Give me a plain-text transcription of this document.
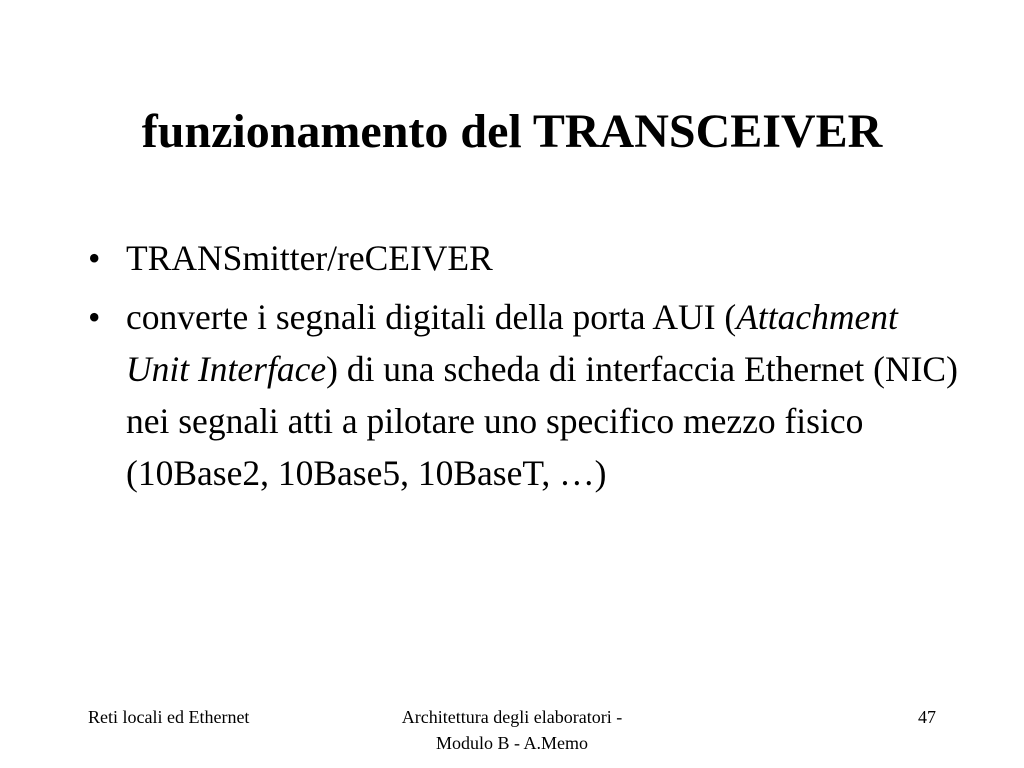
funzionamento del TRANSCEIVER
• TRANSmitter/reCEIVER
• converte i segnali digitali della porta AUI (Attachment Unit Interface) di una scheda di interfaccia Ethernet (NIC) nei segnali atti a pilotare uno specifico mezzo fisico (10Base2, 10Base5, 10BaseT, …)
Reti locali ed Ethernet	Architettura degli elaboratori -
Modulo B - A.Memo
47
